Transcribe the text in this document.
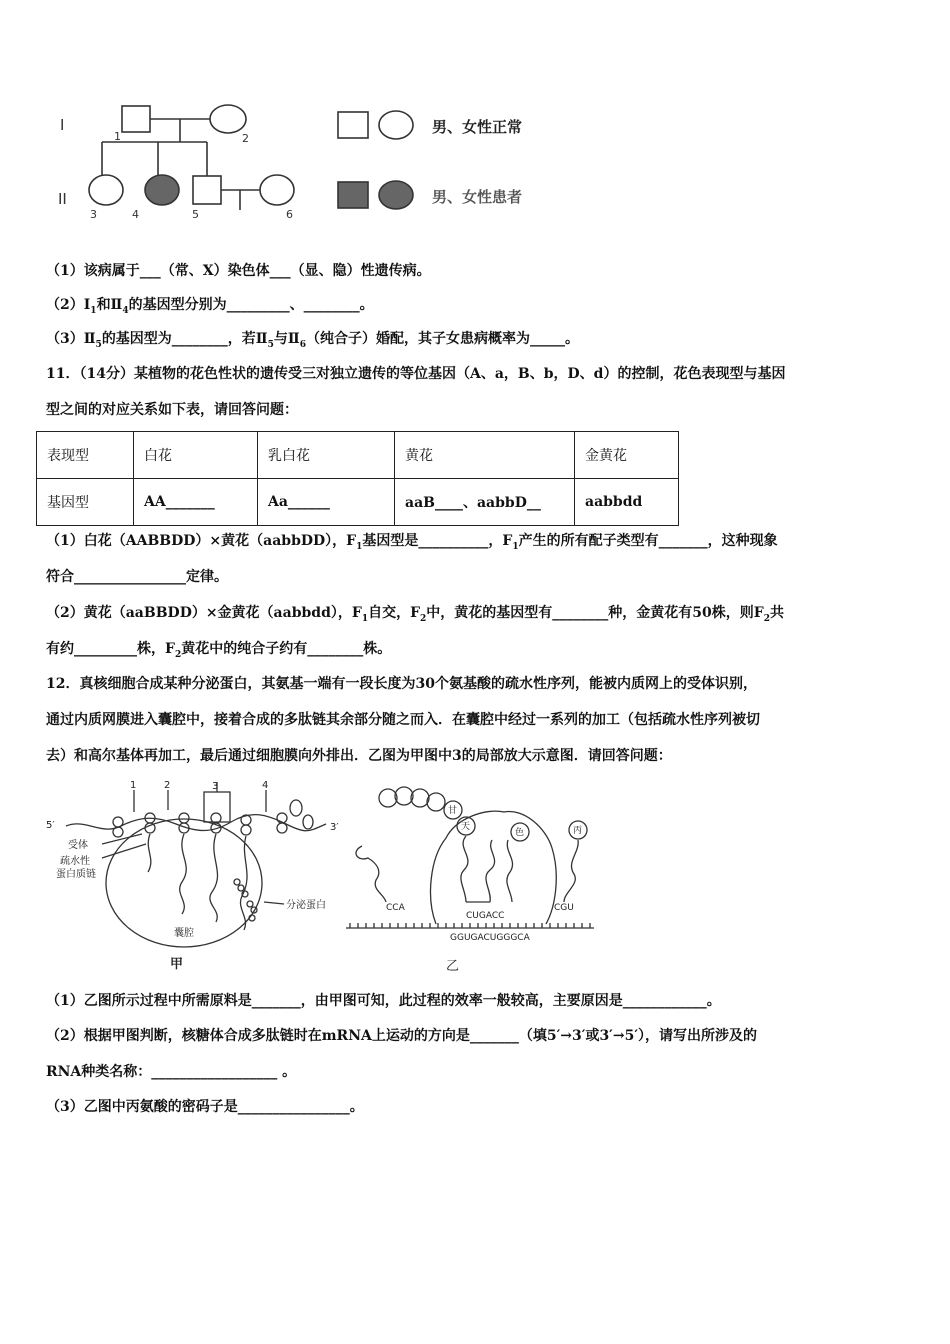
I
II
1	2
3	4	5	6
男、女性正常
男、女性患者
（1）该病属于___（常、X）染色体___（显、隐）性遗传病。
$(2)Ⅰ_1$和$Ⅱ_4$的基因型分别为_________、________。
$(3)Ⅱ_5$的基因型为________，若$Ⅱ_5$与$Ⅱ_6$（纯合子）婚配，其子女患病概率为_____。
11．（14分）某植物的花色性状的遗传受三对独立遗传的等位基因（A、a，B、b，D、d）的控制，花色表现型与基因
型之间的对应关系如下表，请回答问题：
表现型	白花	乳白花	黄花	金黄花
基因型	AA_______	Aa______	aaB____、aabbD__	aabbdd
（1）白花（AABBDD）×黄花（aabbDD），$F_1$基因型是__________，$F_1$产生的所有配子类型有_______，这种现象
符合________________定律。
（2）黄花（aaBBDD）×金黄花（aabbdd），$F_1$自交，$F_2$中，黄花的基因型有________种，金黄花有50株，则$F_2$共
有约_________株，$F_2$黄花中的纯合子约有________株。
12．真核细胞合成某种分泌蛋白，其氨基一端有一段长度为30个氨基酸的疏水性序列，能被内质网上的受体识别，
通过内质网膜进入囊腔中，接着合成的多肽链其余部分随之而入．在囊腔中经过一系列的加工（包括疏水性序列被切
去）和高尔基体再加工，最后通过细胞膜向外排出．乙图为甲图中3的局部放大示意图．请回答问题：
1	2	3	4
5′	3′
受体
疏水性
蛋白质链
分泌蛋白
囊腔
甲
甘
天
色	丙
CCA	CGU
CUGACC
GGUGACUGGGCA
乙
（1）乙图所示过程中所需原料是_______，由甲图可知，此过程的效率一般较高，主要原因是____________。
（2）根据甲图判断，核糖体合成多肽链时在mRNA上运动的方向是_______（填5′→3′或3′→5′），请写出所涉及的
RNA种类名称：__________________ 。
（3）乙图中丙氨酸的密码子是________________。
